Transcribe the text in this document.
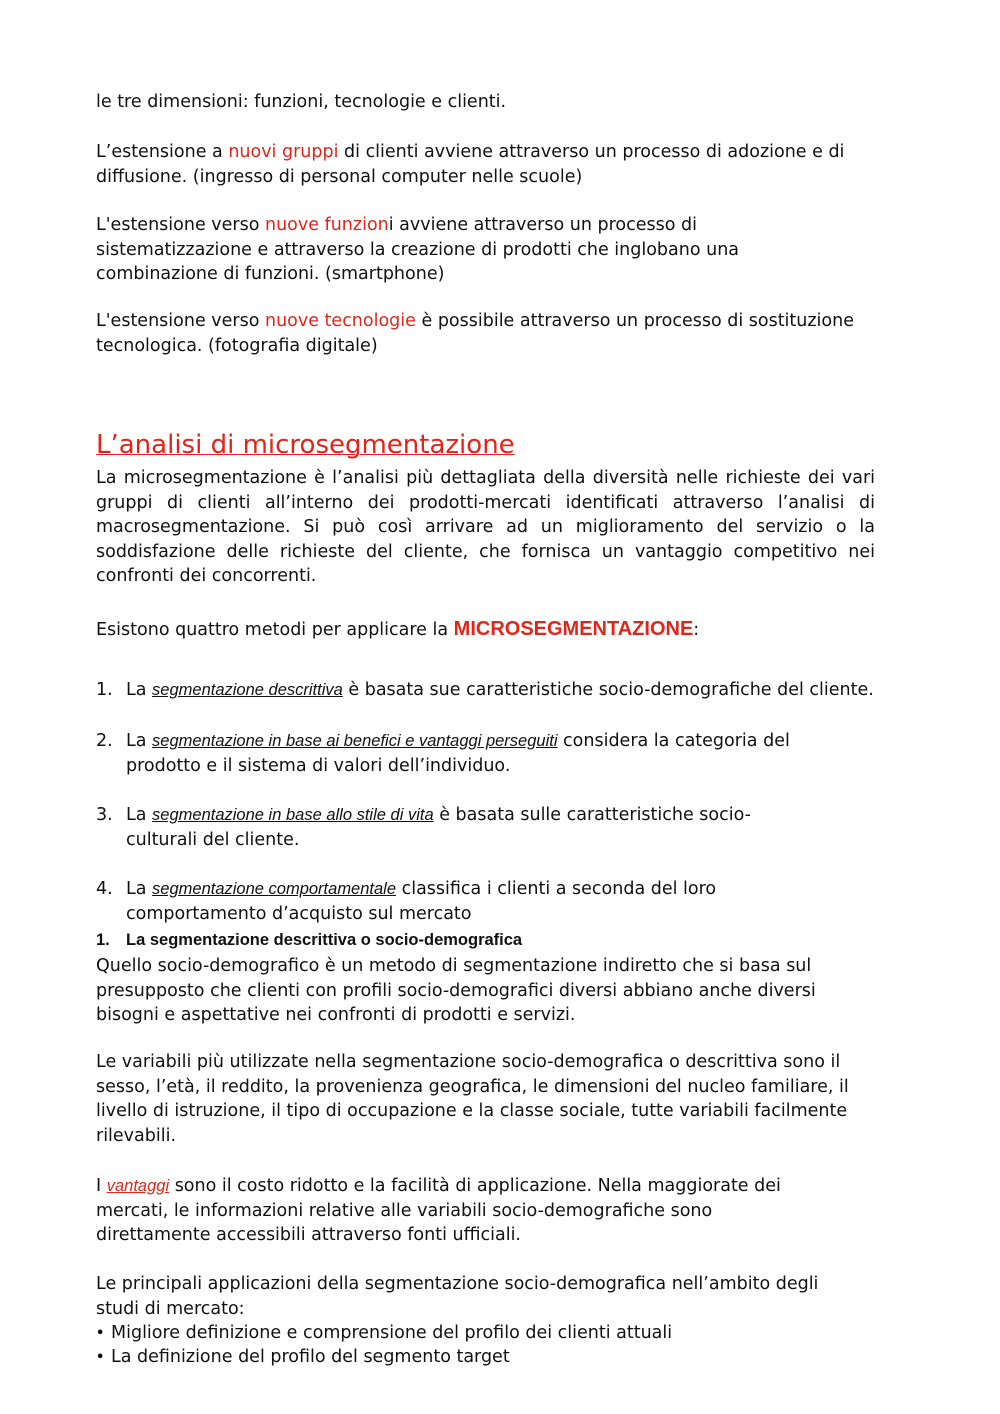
le tre dimensioni: funzioni, tecnologie e clienti.

L’estensione a nuovi gruppi di clienti avviene attraverso un processo di adozione e di
diffusione. (ingresso di personal computer nelle scuole)

L'estensione verso nuove funzioni avviene attraverso un processo di
sistematizzazione e attraverso la creazione di prodotti che inglobano una
combinazione di funzioni. (smartphone)

L'estensione verso nuove tecnologie è possibile attraverso un processo di sostituzione
tecnologica. (fotografia digitale)

L’analisi di microsegmentazione

La microsegmentazione è l’analisi più dettagliata della diversità nelle richieste dei vari gruppi di clienti all’interno dei prodotti-mercati identificati attraverso l’analisi di macrosegmentazione. Si può così arrivare ad un miglioramento del servizio o la soddisfazione delle richieste del cliente, che fornisca un vantaggio competitivo nei confronti dei concorrenti.

Esistono quattro metodi per applicare la MICROSEGMENTAZIONE:

1. La segmentazione descrittiva è basata sue caratteristiche socio-demografiche del cliente.
2. La segmentazione in base ai benefici e vantaggi perseguiti considera la categoria del
prodotto e il sistema di valori dell’individuo.
3. La segmentazione in base allo stile di vita è basata sulle caratteristiche socio-
culturali del cliente.
4. La segmentazione comportamentale classifica i clienti a seconda del loro
comportamento d’acquisto sul mercato
1. La segmentazione descrittiva o socio-demografica

Quello socio-demografico è un metodo di segmentazione indiretto che si basa sul
presupposto che clienti con profili socio-demografici diversi abbiano anche diversi
bisogni e aspettative nei confronti di prodotti e servizi.

Le variabili più utilizzate nella segmentazione socio-demografica o descrittiva sono il
sesso, l’età, il reddito, la provenienza geografica, le dimensioni del nucleo familiare, il
livello di istruzione, il tipo di occupazione e la classe sociale, tutte variabili facilmente
rilevabili.

I vantaggi sono il costo ridotto e la facilità di applicazione. Nella maggiorate dei
mercati, le informazioni relative alle variabili socio-demografiche sono
direttamente accessibili attraverso fonti ufficiali.

Le principali applicazioni della segmentazione socio-demografica nell’ambito degli
studi di mercato:

• Migliore definizione e comprensione del profilo dei clienti attuali
• La definizione del profilo del segmento target
